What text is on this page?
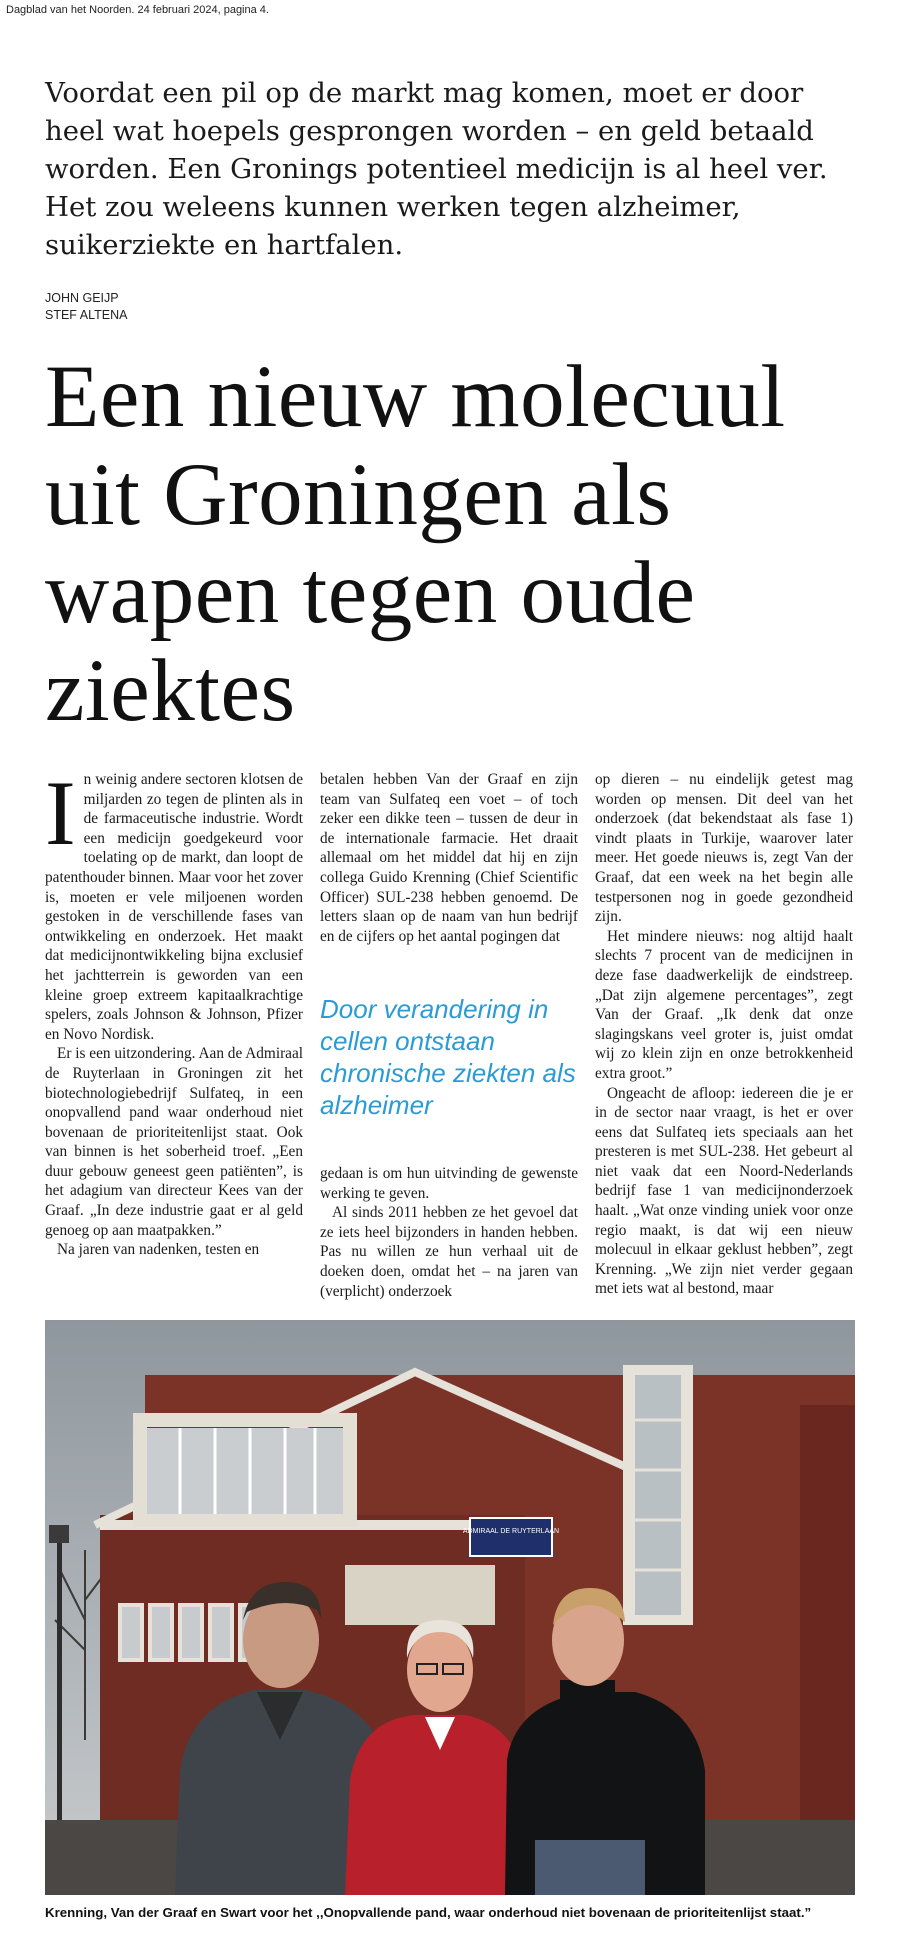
Dagblad van het Noorden. 24 februari 2024, pagina 4.
Voordat een pil op de markt mag komen, moet er door heel wat hoepels gesprongen worden – en geld betaald worden. Een Gronings potentieel medicijn is al heel ver. Het zou weleens kunnen werken tegen alzheimer, suikerziekte en hartfalen.
JOHN GEIJP
STEF ALTENA
Een nieuw molecuul uit Groningen als wapen tegen oude ziektes

In weinig andere sectoren klotsen de miljarden zo tegen de plinten als in de farmaceutische industrie. Wordt een medicijn goedgekeurd voor toelating op de markt, dan loopt de patenthouder binnen. Maar voor het zover is, moeten er vele miljoenen worden gestoken in de verschillende fases van ontwikkeling en onderzoek. Het maakt dat medicijnontwikkeling bijna exclusief het jachtterrein is geworden van een kleine groep extreem kapitaalkrachtige spelers, zoals Johnson & Johnson, Pfizer en Novo Nordisk.

Er is een uitzondering. Aan de Admiraal de Ruyterlaan in Groningen zit het biotechnologiebedrijf Sulfateq, in een onopvallend pand waar onderhoud niet bovenaan de prioriteitenlijst staat. Ook van binnen is het soberheid troef. „Een duur gebouw geneest geen patiënten”, is het adagium van directeur Kees van der Graaf. „In deze industrie gaat er al geld genoeg op aan maatpakken.”

Na jaren van nadenken, testen en

betalen hebben Van der Graaf en zijn team van Sulfateq een voet – of toch zeker een dikke teen – tussen de deur in de internationale farmacie. Het draait allemaal om het middel dat hij en zijn collega Guido Krenning (Chief Scientific Officer) SUL-238 hebben genoemd. De letters slaan op de naam van hun bedrijf en de cijfers op het aantal pogingen dat

Door verandering in cellen ontstaan chronische ziekten als alzheimer

gedaan is om hun uitvinding de gewenste werking te geven.

Al sinds 2011 hebben ze het gevoel dat ze iets heel bijzonders in handen hebben. Pas nu willen ze hun verhaal uit de doeken doen, omdat het – na jaren van (verplicht) onderzoek

op dieren – nu eindelijk getest mag worden op mensen. Dit deel van het onderzoek (dat bekendstaat als fase 1) vindt plaats in Turkije, waarover later meer. Het goede nieuws is, zegt Van der Graaf, dat een week na het begin alle testpersonen nog in goede gezondheid zijn.

Het mindere nieuws: nog altijd haalt slechts 7 procent van de medicijnen in deze fase daadwerkelijk de eindstreep. „Dat zijn algemene percentages”, zegt Van der Graaf. „Ik denk dat onze slagingskans veel groter is, juist omdat wij zo klein zijn en onze betrokkenheid extra groot.”

Ongeacht de afloop: iedereen die je er in de sector naar vraagt, is het er over eens dat Sulfateq iets speciaals aan het presteren is met SUL-238. Het gebeurt al niet vaak dat een Noord-Nederlands bedrijf fase 1 van medicijnonderzoek haalt. „Wat onze vinding uniek voor onze regio maakt, is dat wij een nieuw molecuul in elkaar geklust hebben”, zegt Krenning. „We zijn niet verder gegaan met iets wat al bestond, maar

ADMIRAAL DE RUYTERLAAN
Krenning, Van der Graaf en Swart voor het ,,Onopvallende pand, waar onderhoud niet bovenaan de prioriteitenlijst staat.”
